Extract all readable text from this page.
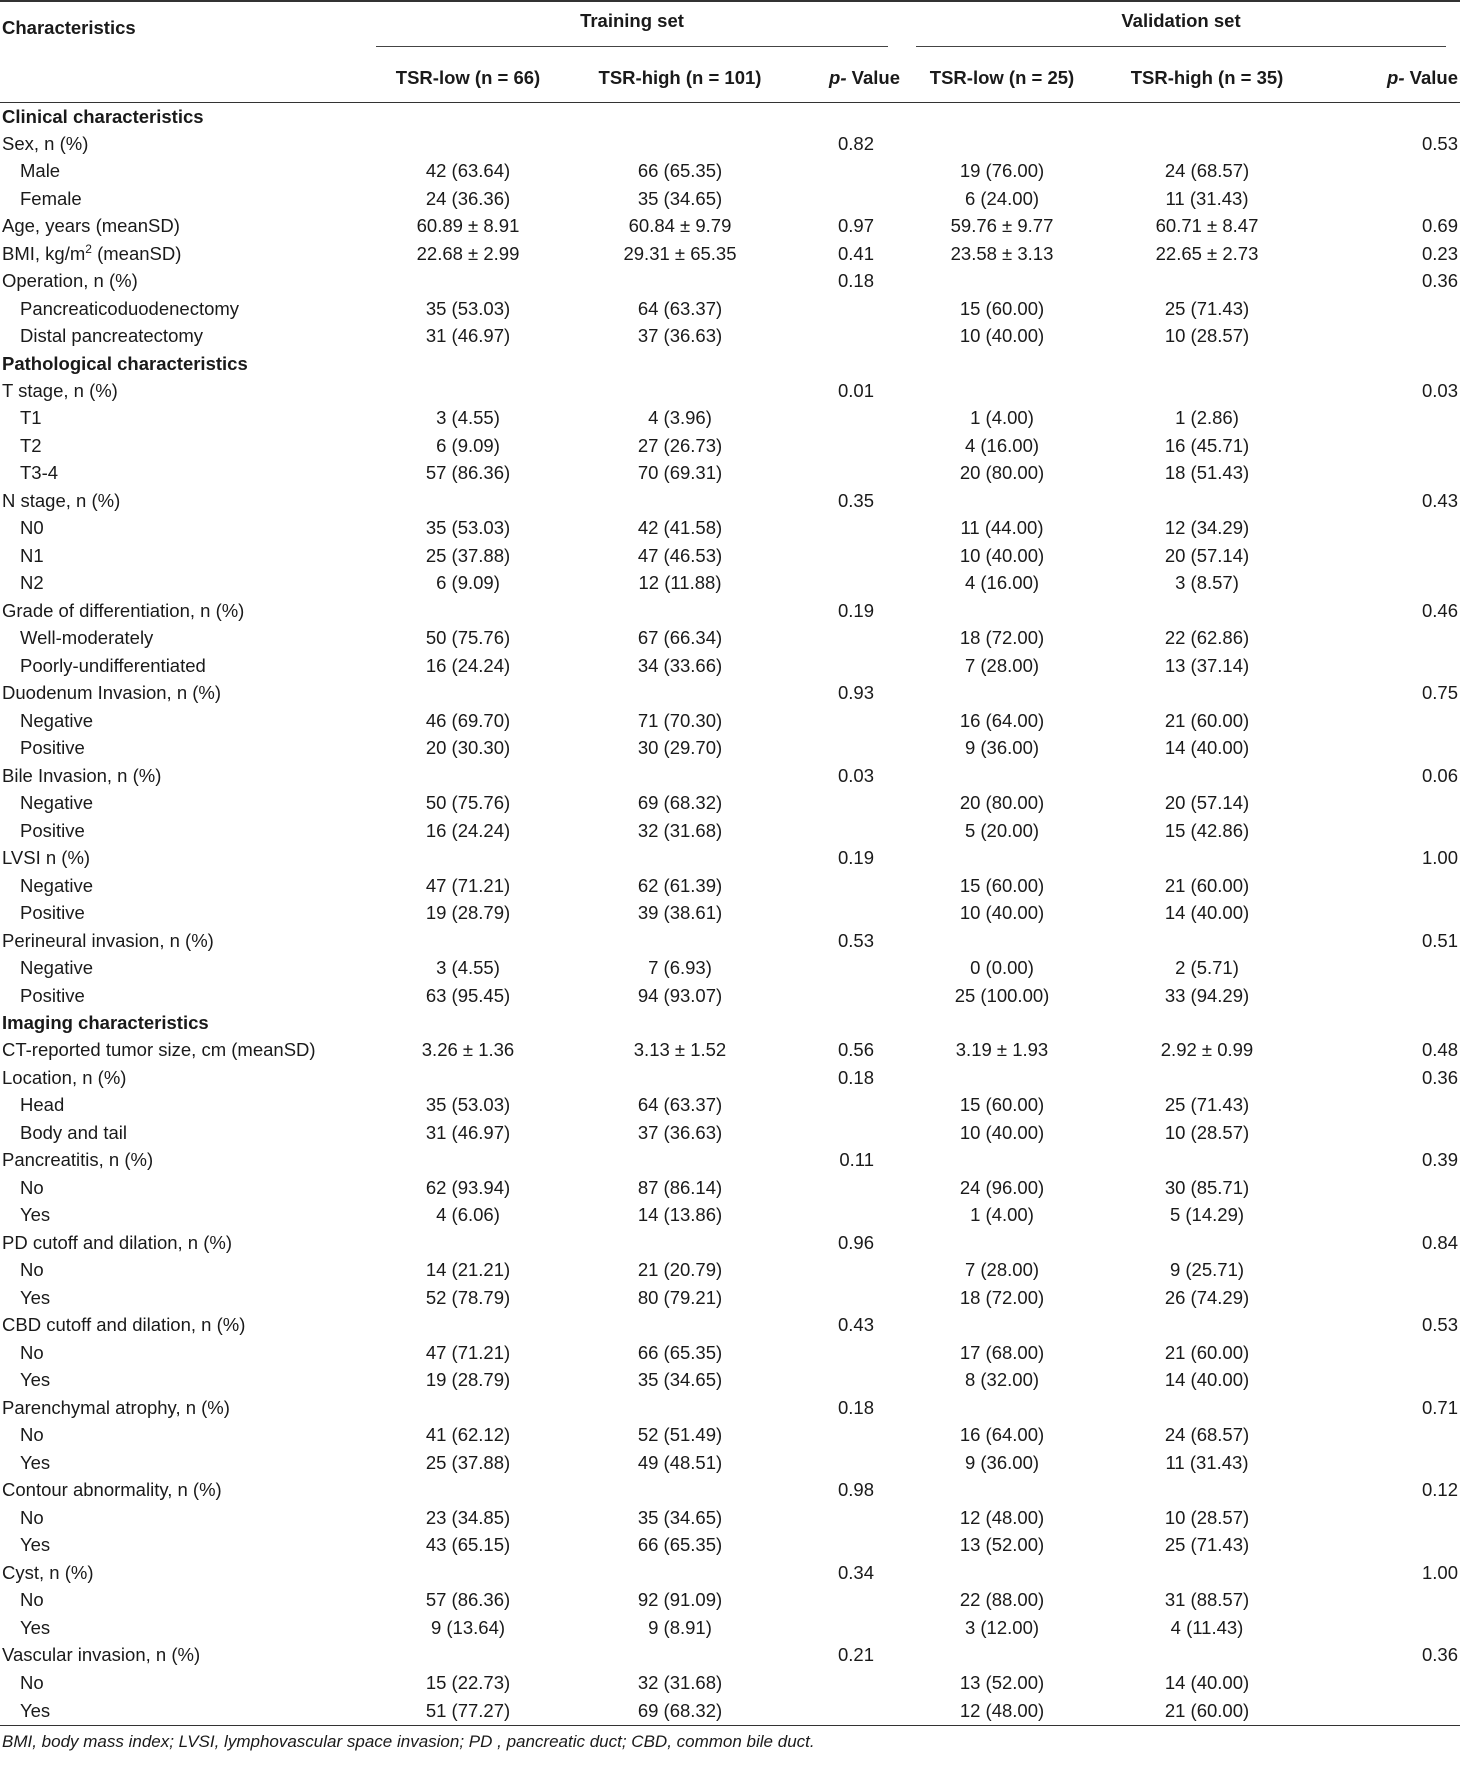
Characteristics	Training set			Validation set		

	TSR-low (n = 66)	TSR-high (n = 101)	p- Value	TSR-low (n = 25)	TSR-high (n = 35)	p- Value
Clinical characteristics						
Sex, n (%)			0.82			0.53
Male	42 (63.64)	66 (65.35)		19 (76.00)	24 (68.57)	
Female	24 (36.36)	35 (34.65)		6 (24.00)	11 (31.43)	
Age, years (meanSD)	60.89 ± 8.91	60.84 ± 9.79	0.97	59.76 ± 9.77	60.71 ± 8.47	0.69
BMI, $kg/m^2$ (meanSD)	22.68 ± 2.99	29.31 ± 65.35	0.41	23.58 ± 3.13	22.65 ± 2.73	0.23
Operation, n (%)			0.18			0.36
Pancreaticoduodenectomy	35 (53.03)	64 (63.37)		15 (60.00)	25 (71.43)	
Distal pancreatectomy	31 (46.97)	37 (36.63)		10 (40.00)	10 (28.57)	
Pathological characteristics						
T stage, n (%)			0.01			0.03
T1	3 (4.55)	4 (3.96)		1 (4.00)	1 (2.86)	
T2	6 (9.09)	27 (26.73)		4 (16.00)	16 (45.71)	
T3-4	57 (86.36)	70 (69.31)		20 (80.00)	18 (51.43)	
N stage, n (%)			0.35			0.43
N0	35 (53.03)	42 (41.58)		11 (44.00)	12 (34.29)	
N1	25 (37.88)	47 (46.53)		10 (40.00)	20 (57.14)	
N2	6 (9.09)	12 (11.88)		4 (16.00)	3 (8.57)	
Grade of differentiation, n (%)			0.19			0.46
Well-moderately	50 (75.76)	67 (66.34)		18 (72.00)	22 (62.86)	
Poorly-undifferentiated	16 (24.24)	34 (33.66)		7 (28.00)	13 (37.14)	
Duodenum Invasion, n (%)			0.93			0.75
Negative	46 (69.70)	71 (70.30)		16 (64.00)	21 (60.00)	
Positive	20 (30.30)	30 (29.70)		9 (36.00)	14 (40.00)	
Bile Invasion, n (%)			0.03			0.06
Negative	50 (75.76)	69 (68.32)		20 (80.00)	20 (57.14)	
Positive	16 (24.24)	32 (31.68)		5 (20.00)	15 (42.86)	
LVSI n (%)			0.19			1.00
Negative	47 (71.21)	62 (61.39)		15 (60.00)	21 (60.00)	
Positive	19 (28.79)	39 (38.61)		10 (40.00)	14 (40.00)	
Perineural invasion, n (%)			0.53			0.51
Negative	3 (4.55)	7 (6.93)		0 (0.00)	2 (5.71)	
Positive	63 (95.45)	94 (93.07)		25 (100.00)	33 (94.29)	
Imaging characteristics						
CT-reported tumor size, cm (meanSD)	3.26 ± 1.36	3.13 ± 1.52	0.56	3.19 ± 1.93	2.92 ± 0.99	0.48
Location, n (%)			0.18			0.36
Head	35 (53.03)	64 (63.37)		15 (60.00)	25 (71.43)	
Body and tail	31 (46.97)	37 (36.63)		10 (40.00)	10 (28.57)	
Pancreatitis, n (%)			0.11			0.39
No	62 (93.94)	87 (86.14)		24 (96.00)	30 (85.71)	
Yes	4 (6.06)	14 (13.86)		1 (4.00)	5 (14.29)	
PD cutoff and dilation, n (%)			0.96			0.84
No	14 (21.21)	21 (20.79)		7 (28.00)	9 (25.71)	
Yes	52 (78.79)	80 (79.21)		18 (72.00)	26 (74.29)	
CBD cutoff and dilation, n (%)			0.43			0.53
No	47 (71.21)	66 (65.35)		17 (68.00)	21 (60.00)	
Yes	19 (28.79)	35 (34.65)		8 (32.00)	14 (40.00)	
Parenchymal atrophy, n (%)			0.18			0.71
No	41 (62.12)	52 (51.49)		16 (64.00)	24 (68.57)	
Yes	25 (37.88)	49 (48.51)		9 (36.00)	11 (31.43)	
Contour abnormality, n (%)			0.98			0.12
No	23 (34.85)	35 (34.65)		12 (48.00)	10 (28.57)	
Yes	43 (65.15)	66 (65.35)		13 (52.00)	25 (71.43)	
Cyst, n (%)			0.34			1.00
No	57 (86.36)	92 (91.09)		22 (88.00)	31 (88.57)	
Yes	9 (13.64)	9 (8.91)		3 (12.00)	4 (11.43)	
Vascular invasion, n (%)			0.21			0.36
No	15 (22.73)	32 (31.68)		13 (52.00)	14 (40.00)	
Yes	51 (77.27)	69 (68.32)		12 (48.00)	21 (60.00)	
BMI, body mass index; LVSI, lymphovascular space invasion; PD , pancreatic duct; CBD, common bile duct.
